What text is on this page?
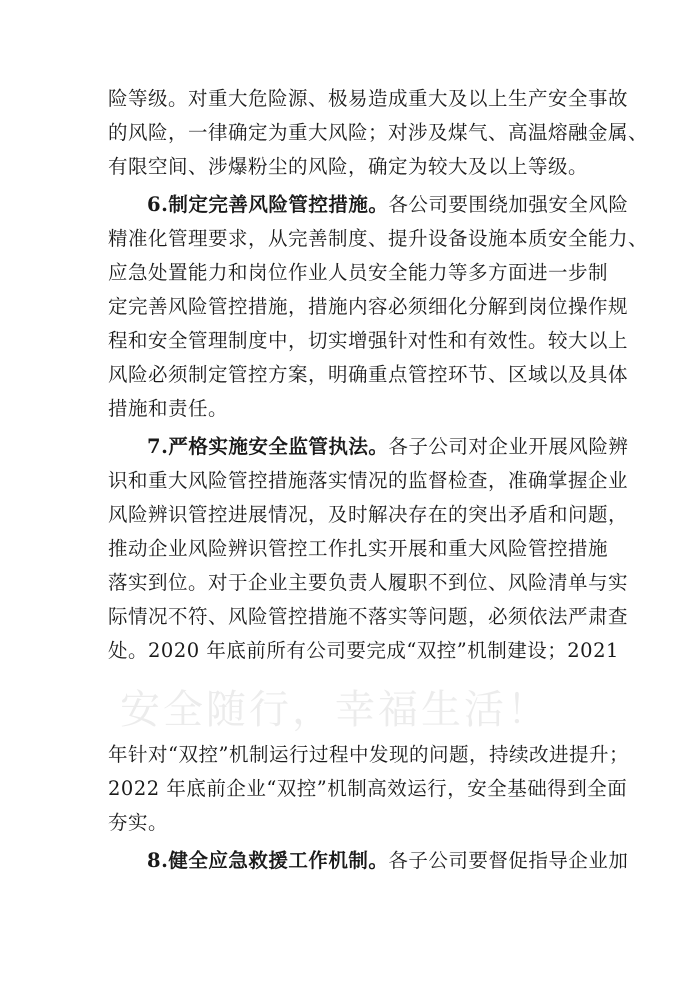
险等级。对重大危险源、极易造成重大及以上生产安全事故
的风险，一律确定为重大风险；对涉及煤气、高温熔融金属、
有限空间、涉爆粉尘的风险，确定为较大及以上等级。
6.制定完善风险管控措施。各公司要围绕加强安全风险
精准化管理要求，从完善制度、提升设备设施本质安全能力、
应急处置能力和岗位作业人员安全能力等多方面进一步制
定完善风险管控措施，措施内容必须细化分解到岗位操作规
程和安全管理制度中，切实增强针对性和有效性。较大以上
风险必须制定管控方案，明确重点管控环节、区域以及具体
措施和责任。
7.严格实施安全监管执法。各子公司对企业开展风险辨
识和重大风险管控措施落实情况的监督检查，准确掌握企业
风险辨识管控进展情况，及时解决存在的突出矛盾和问题，
推动企业风险辨识管控工作扎实开展和重大风险管控措施
落实到位。对于企业主要负责人履职不到位、风险清单与实
际情况不符、风险管控措施不落实等问题，必须依法严肃查
处。2020 年底前所有公司要完成“双控”机制建设；2021
安全随行，幸福生活！
年针对“双控”机制运行过程中发现的问题，持续改进提升；
2022 年底前企业“双控”机制高效运行，安全基础得到全面
夯实。
8.健全应急救援工作机制。各子公司要督促指导企业加
